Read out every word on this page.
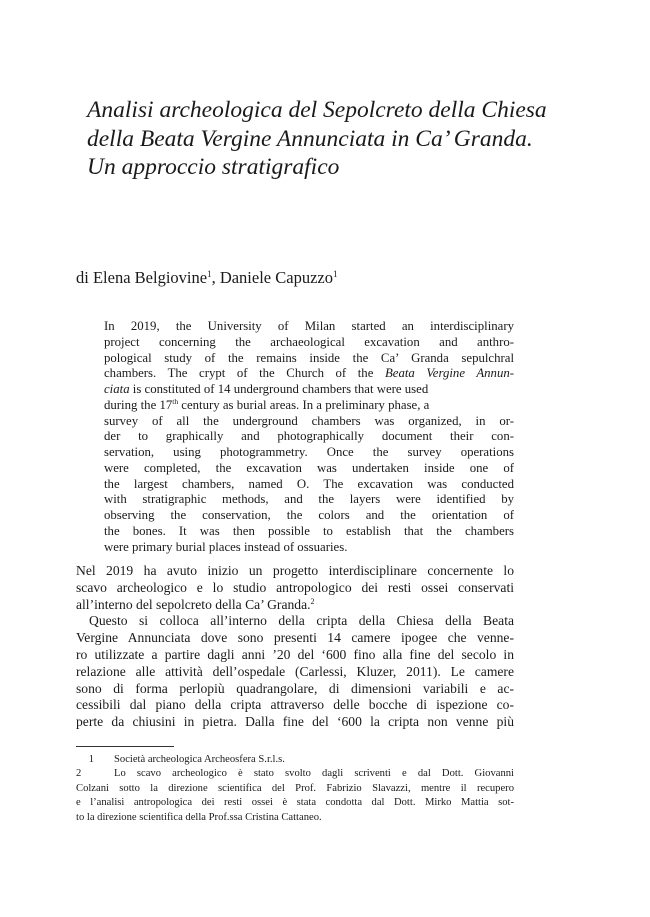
Analisi archeologica del Sepolcreto della Chiesa
della Beata Vergine Annunciata in Ca’ Granda.
Un approccio stratigrafico
di Elena Belgiovine$^1$, Daniele Capuzzo$^1$
In 2019, the University of Milan started an interdisciplinary
project concerning the archaeological excavation and anthro-
pological study of the remains inside the Ca’ Granda sepulchral
chambers. The crypt of the Church of the Beata Vergine Annun-
ciata is constituted of 14 underground chambers that were used
during the 17th century as burial areas. In a preliminary phase, a
survey of all the underground chambers was organized, in or-
der to graphically and photographically document their con-
servation, using photogrammetry. Once the survey operations
were completed, the excavation was undertaken inside one of
the largest chambers, named O. The excavation was conducted
with stratigraphic methods, and the layers were identified by
observing the conservation, the colors and the orientation of
the bones. It was then possible to establish that the chambers
were primary burial places instead of ossuaries.
Nel 2019 ha avuto inizio un progetto interdisciplinare concernente lo
scavo archeologico e lo studio antropologico dei resti ossei conservati
all’interno del sepolcreto della Ca’ Granda.$^2$
Questo si colloca all’interno della cripta della Chiesa della Beata
Vergine Annunciata dove sono presenti 14 camere ipogee che venne-
ro utilizzate a partire dagli anni ’20 del ‘600 fino alla fine del secolo in
relazione alle attività dell’ospedale (Carlessi, Kluzer, 2011). Le camere
sono di forma perlopiù quadrangolare, di dimensioni variabili e ac-
cessibili dal piano della cripta attraverso delle bocche di ispezione co-
perte da chiusini in pietra. Dalla fine del ‘600 la cripta non venne più
1 Società archeologica Archeosfera S.r.l.s.
2	Lo scavo archeologico è stato svolto dagli scriventi e dal Dott. Giovanni
Colzani sotto la direzione scientifica del Prof. Fabrizio Slavazzi, mentre il recupero
e l’analisi antropologica dei resti ossei è stata condotta dal Dott. Mirko Mattia sot-
to la direzione scientifica della Prof.ssa Cristina Cattaneo.
